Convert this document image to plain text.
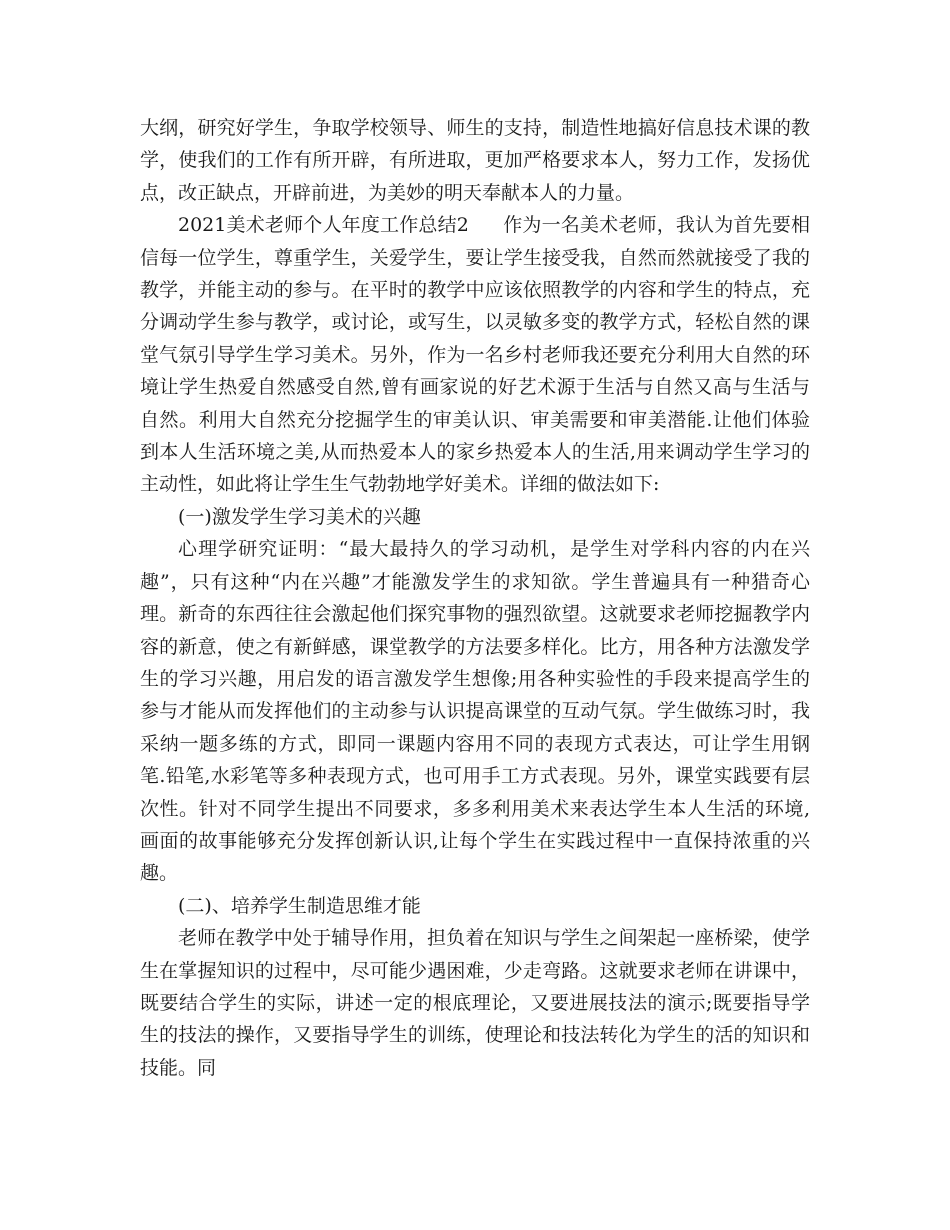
大纲，研究好学生，争取学校领导、师生的支持，制造性地搞好信息技术课的教学，使我们的工作有所开辟，有所进取，更加严格要求本人，努力工作，发扬优点，改正缺点，开辟前进，为美妙的明天奉献本人的力量。

2021美术老师个人年度工作总结2 作为一名美术老师，我认为首先要相信每一位学生，尊重学生，关爱学生，要让学生接受我，自然而然就接受了我的教学，并能主动的参与。在平时的教学中应该依照教学的内容和学生的特点，充分调动学生参与教学，或讨论，或写生，以灵敏多变的教学方式，轻松自然的课堂气氛引导学生学习美术。另外，作为一名乡村老师我还要充分利用大自然的环境让学生热爱自然感受自然,曾有画家说的好艺术源于生活与自然又高与生活与自然。利用大自然充分挖掘学生的审美认识、审美需要和审美潜能.让他们体验到本人生活环境之美,从而热爱本人的家乡热爱本人的生活,用来调动学生学习的主动性，如此将让学生生气勃勃地学好美术。详细的做法如下:

(一)激发学生学习美术的兴趣

心理学研究证明：“最大最持久的学习动机，是学生对学科内容的内在兴趣”，只有这种“内在兴趣”才能激发学生的求知欲。学生普遍具有一种猎奇心理。新奇的东西往往会激起他们探究事物的强烈欲望。这就要求老师挖掘教学内容的新意，使之有新鲜感，课堂教学的方法要多样化。比方，用各种方法激发学生的学习兴趣，用启发的语言激发学生想像;用各种实验性的手段来提高学生的参与才能从而发挥他们的主动参与认识提高课堂的互动气氛。学生做练习时，我采纳一题多练的方式，即同一课题内容用不同的表现方式表达，可让学生用钢笔.铅笔,水彩笔等多种表现方式，也可用手工方式表现。另外，课堂实践要有层次性。针对不同学生提出不同要求，多多利用美术来表达学生本人生活的环境,画面的故事能够充分发挥创新认识,让每个学生在实践过程中一直保持浓重的兴趣。

(二)、培养学生制造思维才能

老师在教学中处于辅导作用，担负着在知识与学生之间架起一座桥梁，使学生在掌握知识的过程中，尽可能少遇困难，少走弯路。这就要求老师在讲课中，既要结合学生的实际，讲述一定的根底理论，又要进展技法的演示;既要指导学生的技法的操作，又要指导学生的训练，使理论和技法转化为学生的活的知识和技能。同
